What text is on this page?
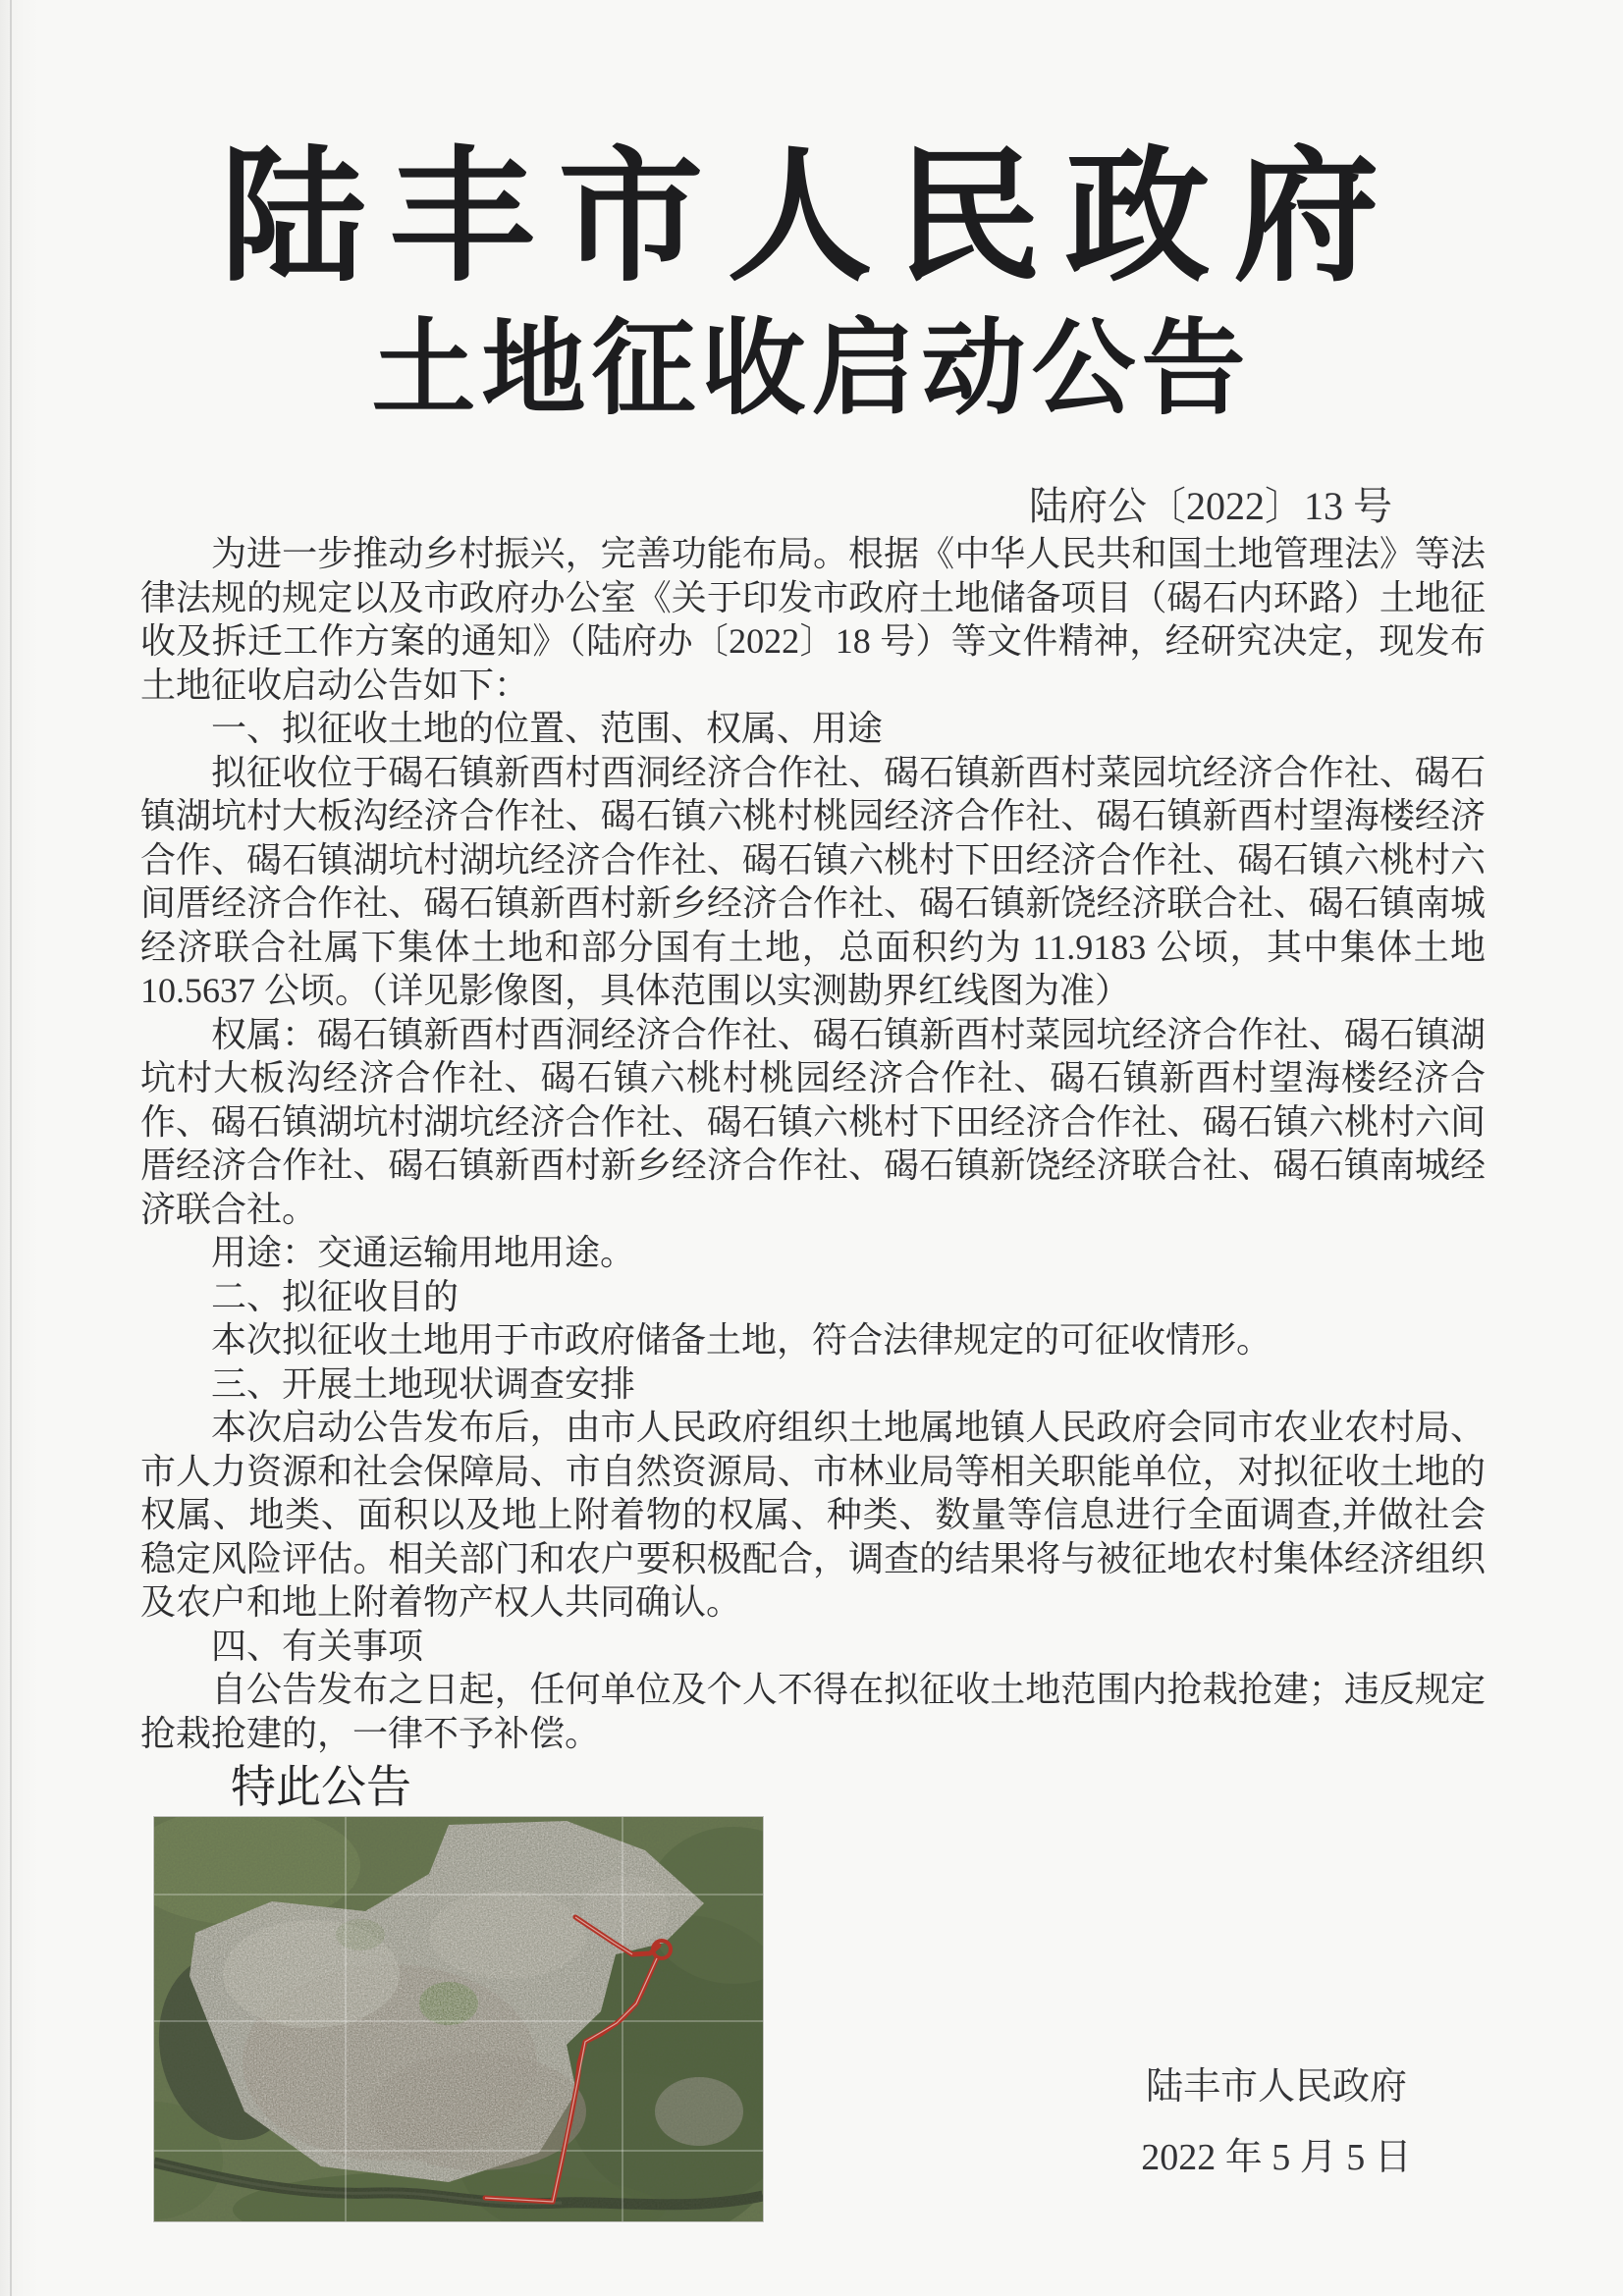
陆丰市人民政府
土地征收启动公告
陆府公〔2022〕13 号

为进一步推动乡村振兴，完善功能布局。根据《中华人民共和国土地管理法》等法律法规的规定以及市政府办公室《关于印发市政府土地储备项目（碣石内环路）土地征收及拆迁工作方案的通知》（陆府办〔2022〕18 号）等文件精神，经研究决定，现发布土地征收启动公告如下：

一、拟征收土地的位置、范围、权属、用途

拟征收位于碣石镇新酉村酉洞经济合作社、碣石镇新酉村菜园坑经济合作社、碣石镇湖坑村大板沟经济合作社、碣石镇六桃村桃园经济合作社、碣石镇新酉村望海楼经济合作、碣石镇湖坑村湖坑经济合作社、碣石镇六桃村下田经济合作社、碣石镇六桃村六间厝经济合作社、碣石镇新酉村新乡经济合作社、碣石镇新饶经济联合社、碣石镇南城经济联合社属下集体土地和部分国有土地，总面积约为 11.9183 公顷，其中集体土地 10.5637 公顷。（详见影像图，具体范围以实测勘界红线图为准）

权属：碣石镇新酉村酉洞经济合作社、碣石镇新酉村菜园坑经济合作社、碣石镇湖坑村大板沟经济合作社、碣石镇六桃村桃园经济合作社、碣石镇新酉村望海楼经济合作、碣石镇湖坑村湖坑经济合作社、碣石镇六桃村下田经济合作社、碣石镇六桃村六间厝经济合作社、碣石镇新酉村新乡经济合作社、碣石镇新饶经济联合社、碣石镇南城经济联合社。

用途：交通运输用地用途。

二、拟征收目的

本次拟征收土地用于市政府储备土地，符合法律规定的可征收情形。

三、开展土地现状调查安排

本次启动公告发布后，由市人民政府组织土地属地镇人民政府会同市农业农村局、市人力资源和社会保障局、市自然资源局、市林业局等相关职能单位，对拟征收土地的权属、地类、面积以及地上附着物的权属、种类、数量等信息进行全面调查,并做社会稳定风险评估。相关部门和农户要积极配合，调查的结果将与被征地农村集体经济组织及农户和地上附着物产权人共同确认。

四、有关事项

自公告发布之日起，任何单位及个人不得在拟征收土地范围内抢栽抢建；违反规定抢栽抢建的，一律不予补偿。

特此公告
陆丰市人民政府
2022 年 5 月 5 日
